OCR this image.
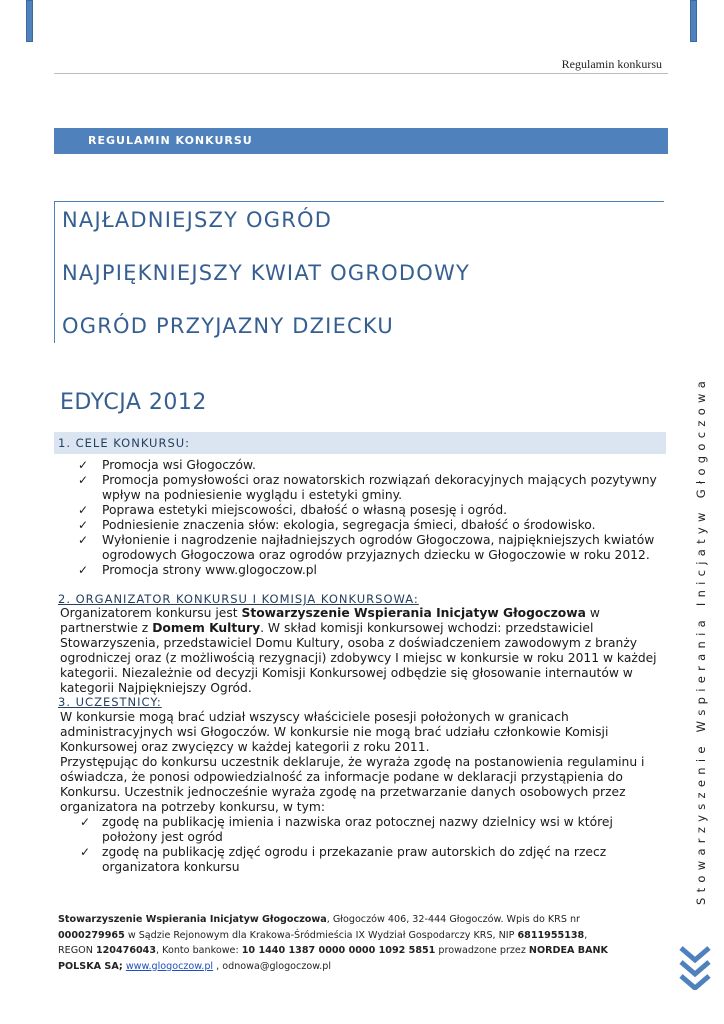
Regulamin konkursu
REGULAMIN KONKURSU
NAJŁADNIEJSZY OGRÓD
NAJPIĘKNIEJSZY KWIAT OGRODOWY
OGRÓD PRZYJAZNY DZIECKU
EDYCJA 2012
1. CELE KONKURSU:
✓ Promocja wsi Głogoczów.
✓ Promocja pomysłowości oraz nowatorskich rozwiązań dekoracyjnych mających pozytywny wpływ na podniesienie wyglądu i estetyki gminy.
✓ Poprawa estetyki miejscowości, dbałość o własną posesję i ogród.
✓ Podniesienie znaczenia słów: ekologia, segregacja śmieci, dbałość o środowisko.
✓ Wyłonienie i nagrodzenie najładniejszych ogrodów Głogoczowa, najpiękniejszych kwiatów ogrodowych Głogoczowa oraz ogrodów przyjaznych dziecku w Głogoczowie w roku 2012.
✓ Promocja strony www.glogoczow.pl
2. ORGANIZATOR KONKURSU I KOMISJA KONKURSOWA:

Organizatorem konkursu jest Stowarzyszenie Wspierania Inicjatyw Głogoczowa w partnerstwie z Domem Kultury. W skład komisji konkursowej wchodzi: przedstawiciel Stowarzyszenia, przedstawiciel Domu Kultury, osoba z doświadczeniem zawodowym z branży ogrodniczej oraz (z możliwością rezygnacji) zdobywcy I miejsc w konkursie w roku 2011 w każdej kategorii. Niezależnie od decyzji Komisji Konkursowej odbędzie się głosowanie internautów w kategorii Najpiękniejszy Ogród.

3. UCZESTNICY:

W konkursie mogą brać udział wszyscy właściciele posesji położonych w granicach administracyjnych wsi Głogoczów. W konkursie nie mogą brać udziału członkowie Komisji Konkursowej oraz zwycięzcy w każdej kategorii z roku 2011.

Przystępując do konkursu uczestnik deklaruje, że wyraża zgodę na postanowienia regulaminu i oświadcza, że ponosi odpowiedzialność za informacje podane w deklaracji przystąpienia do Konkursu. Uczestnik jednocześnie wyraża zgodę na przetwarzanie danych osobowych przez organizatora na potrzeby konkursu, w tym:

✓ zgodę na publikację imienia i nazwiska oraz potocznej nazwy dzielnicy wsi w której położony jest ogród
✓ zgodę na publikację zdjęć ogrodu i przekazanie praw autorskich do zdjęć na rzecz organizatora konkursu	Stowarzyszenie Wspierania Inicjatyw Głogoczowa
Stowarzyszenie Wspierania Inicjatyw Głogoczowa, Głogoczów 406, 32-444 Głogoczów. Wpis do KRS nr 0000279965 w Sądzie Rejonowym dla Krakowa-Śródmieścia IX Wydział Gospodarczy KRS, NIP 6811955138, REGON 120476043, Konto bankowe: 10 1440 1387 0000 0000 1092 5851 prowadzone przez NORDEA BANK POLSKA SA; www.glogoczow.pl , odnowa@glogoczow.pl
